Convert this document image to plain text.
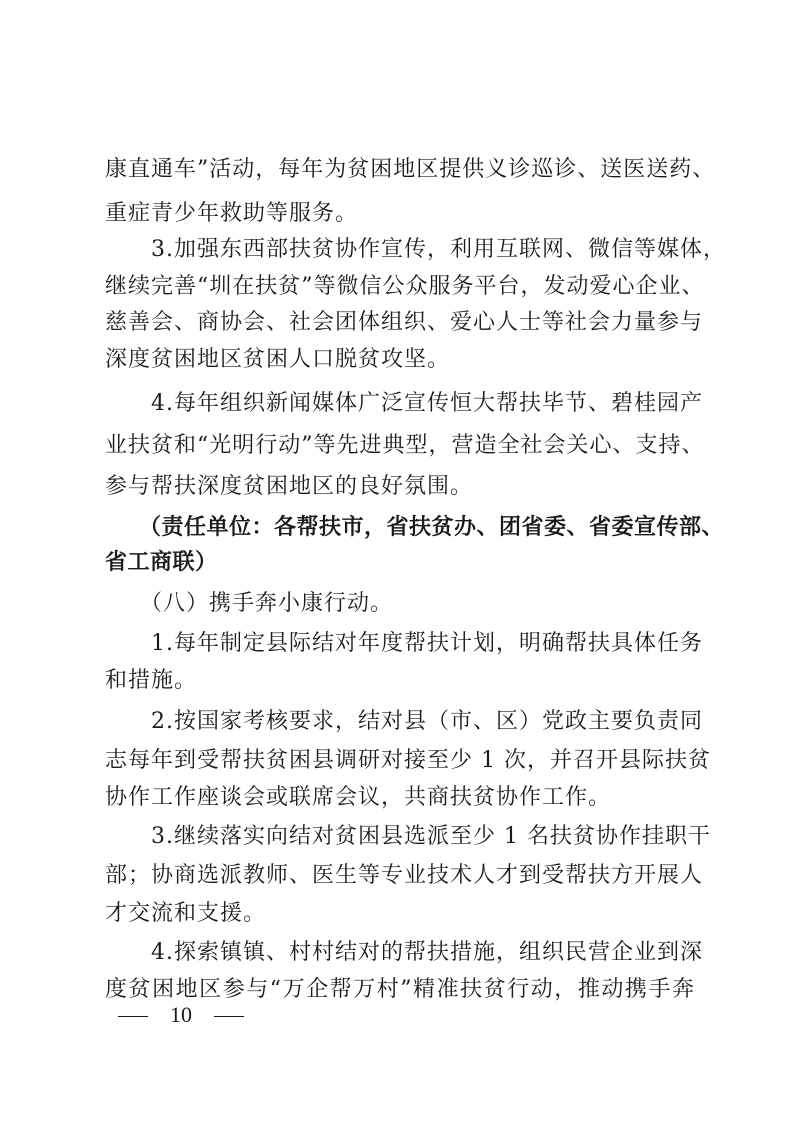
康直通车”活动，每年为贫困地区提供义诊巡诊、送医送药、
重症青少年救助等服务。
　　3.加强东西部扶贫协作宣传，利用互联网、微信等媒体，
继续完善“圳在扶贫”等微信公众服务平台，发动爱心企业、
慈善会、商协会、社会团体组织、爱心人士等社会力量参与
深度贫困地区贫困人口脱贫攻坚。
　　4.每年组织新闻媒体广泛宣传恒大帮扶毕节、碧桂园产
业扶贫和“光明行动”等先进典型，营造全社会关心、支持、
参与帮扶深度贫困地区的良好氛围。
　　（责任单位：各帮扶市，省扶贫办、团省委、省委宣传部、
省工商联）
　　（八）携手奔小康行动。
　　1.每年制定县际结对年度帮扶计划，明确帮扶具体任务
和措施。
　　2.按国家考核要求，结对县（市、区）党政主要负责同
志每年到受帮扶贫困县调研对接至少 1 次，并召开县际扶贫
协作工作座谈会或联席会议，共商扶贫协作工作。
　　3.继续落实向结对贫困县选派至少 1 名扶贫协作挂职干
部；协商选派教师、医生等专业技术人才到受帮扶方开展人
才交流和支援。
　　4.探索镇镇、村村结对的帮扶措施，组织民营企业到深
度贫困地区参与“万企帮万村”精准扶贫行动，推动携手奔
10
